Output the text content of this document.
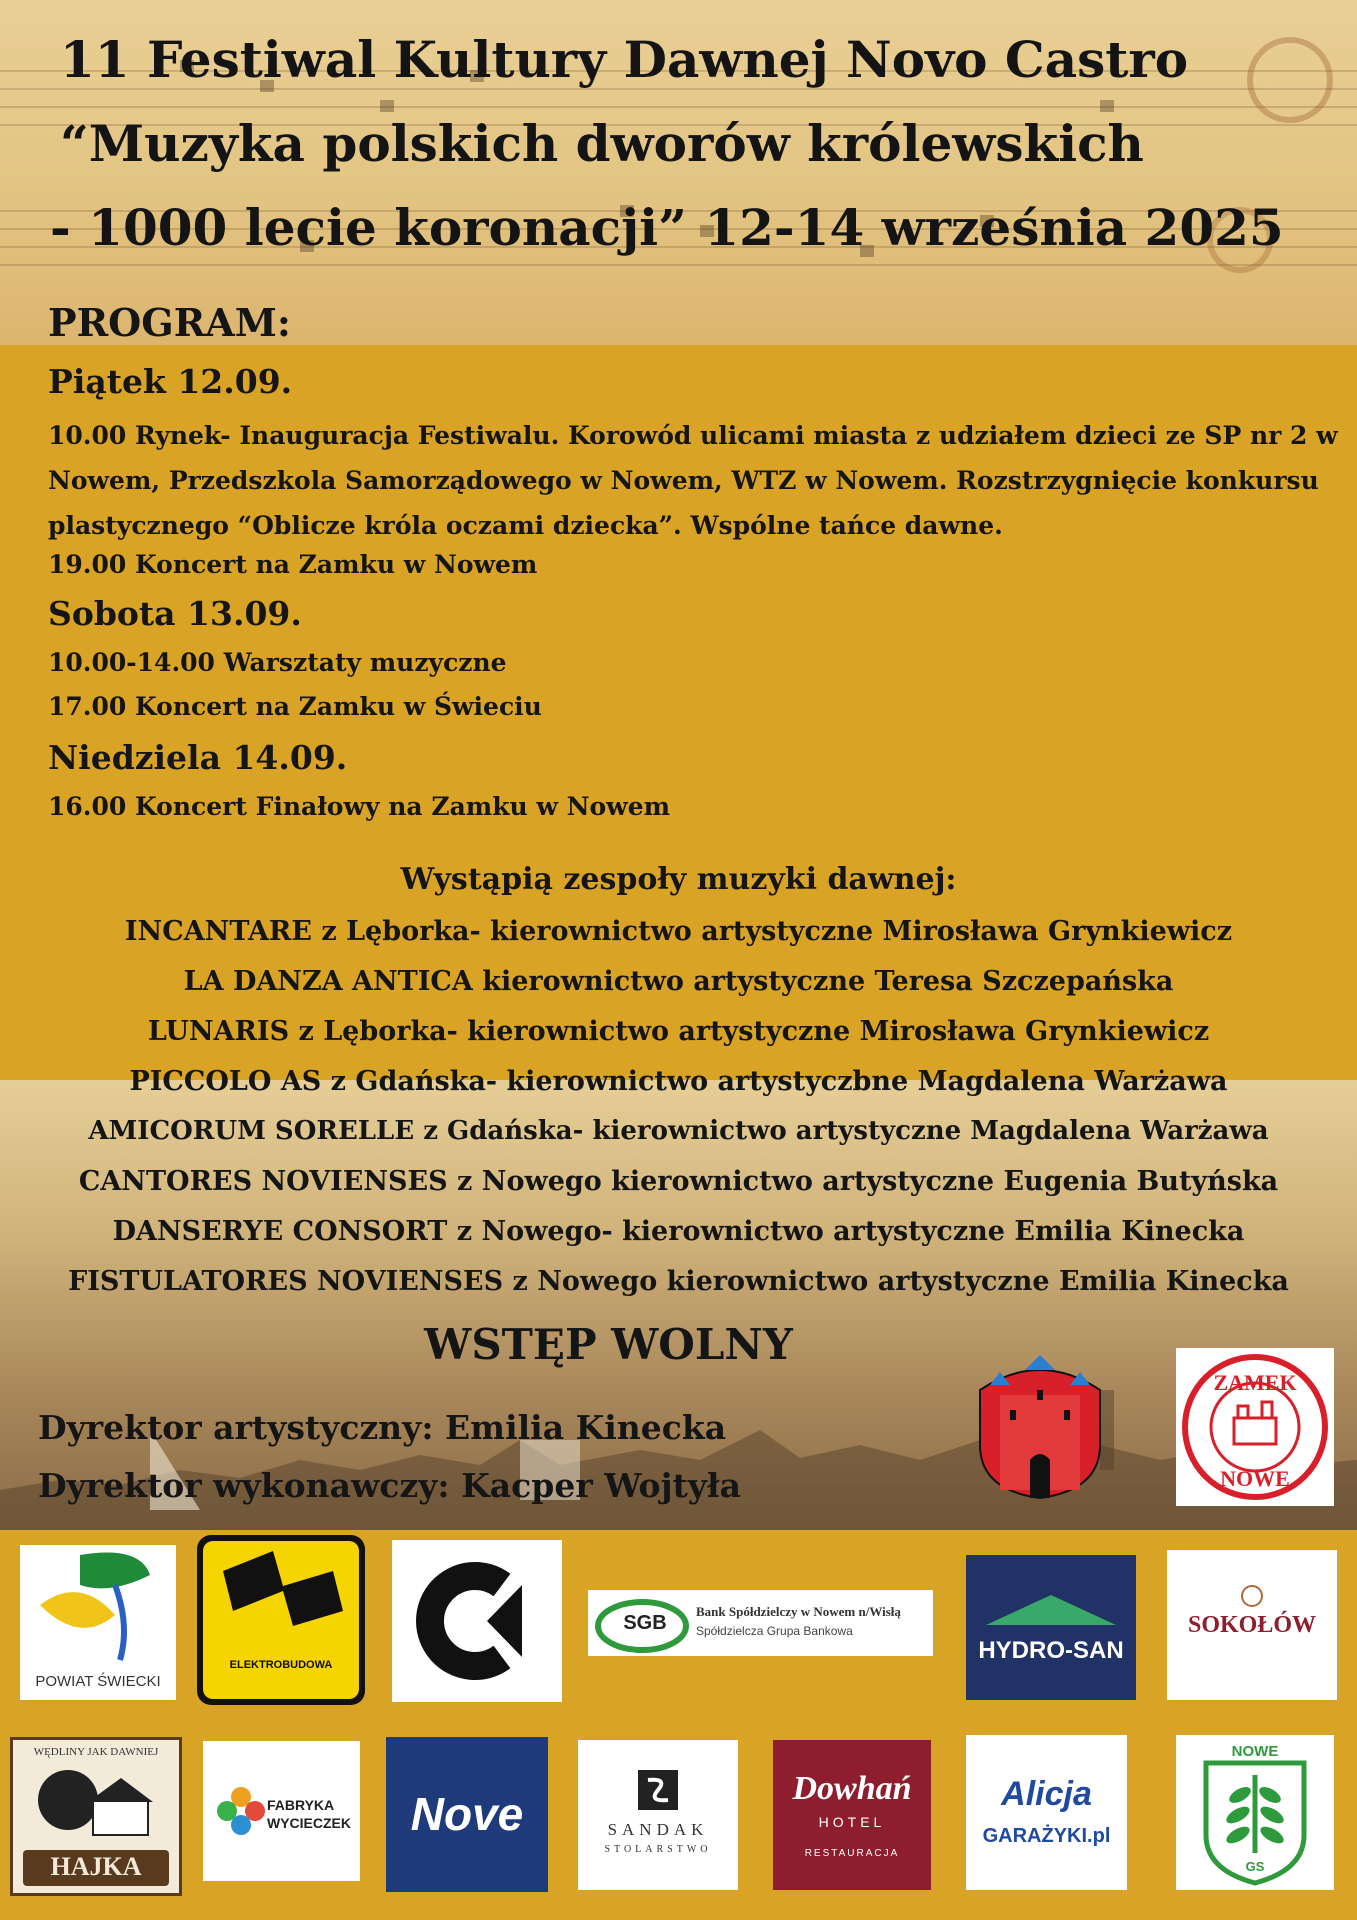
11 Festiwal Kultury Dawnej Novo Castro
“Muzyka polskich dworów królewskich
- 1000 lecie koronacji” 12-14 września 2025
PROGRAM:
Piątek 12.09.
10.00 Rynek- Inauguracja Festiwalu. Korowód ulicami miasta z udziałem dzieci ze SP nr 2 w Nowem, Przedszkola Samorządowego w Nowem, WTZ w Nowem. Rozstrzygnięcie konkursu plastycznego “Oblicze króla oczami dziecka”. Wspólne tańce dawne.
19.00 Koncert na Zamku w Nowem
Sobota 13.09.
10.00-14.00 Warsztaty muzyczne
17.00 Koncert na Zamku w Świeciu
Niedziela 14.09.
16.00 Koncert Finałowy na Zamku w Nowem
Wystąpią zespoły muzyki dawnej:
INCANTARE z Lęborka- kierownictwo artystyczne Mirosława Grynkiewicz
LA DANZA ANTICA kierownictwo artystyczne Teresa Szczepańska
LUNARIS z Lęborka- kierownictwo artystyczne Mirosława Grynkiewicz
PICCOLO AS z Gdańska- kierownictwo artystyczbne Magdalena Warżawa
AMICORUM SORELLE z Gdańska- kierownictwo artystyczne Magdalena Warżawa
CANTORES NOVIENSES z Nowego kierownictwo artystyczne Eugenia Butyńska
DANSERYE CONSORT z Nowego- kierownictwo artystyczne Emilia Kinecka
FISTULATORES NOVIENSES z Nowego kierownictwo artystyczne Emilia Kinecka
WSTĘP WOLNY
Dyrektor artystyczny: Emilia Kinecka
Dyrektor wykonawczy: Kacper Wojtyła
ZAMEK
NOWE
POWIAT ŚWIECKI
ELEKTROBUDOWA
SGB
Bank Spółdzielczy w Nowem n/Wisłą
Spółdzielcza Grupa Bankowa
HYDRO-SAN
SOKOŁÓW
WĘDLINY JAK DAWNIEJ
HAJKA
FABRYKA
WYCIECZEK	Nove	SANDAK
STOLARSTWO
Dowhań
HOTEL
RESTAURACJA
Alicja
GARAŻYKI.pl
NOWE
GS
